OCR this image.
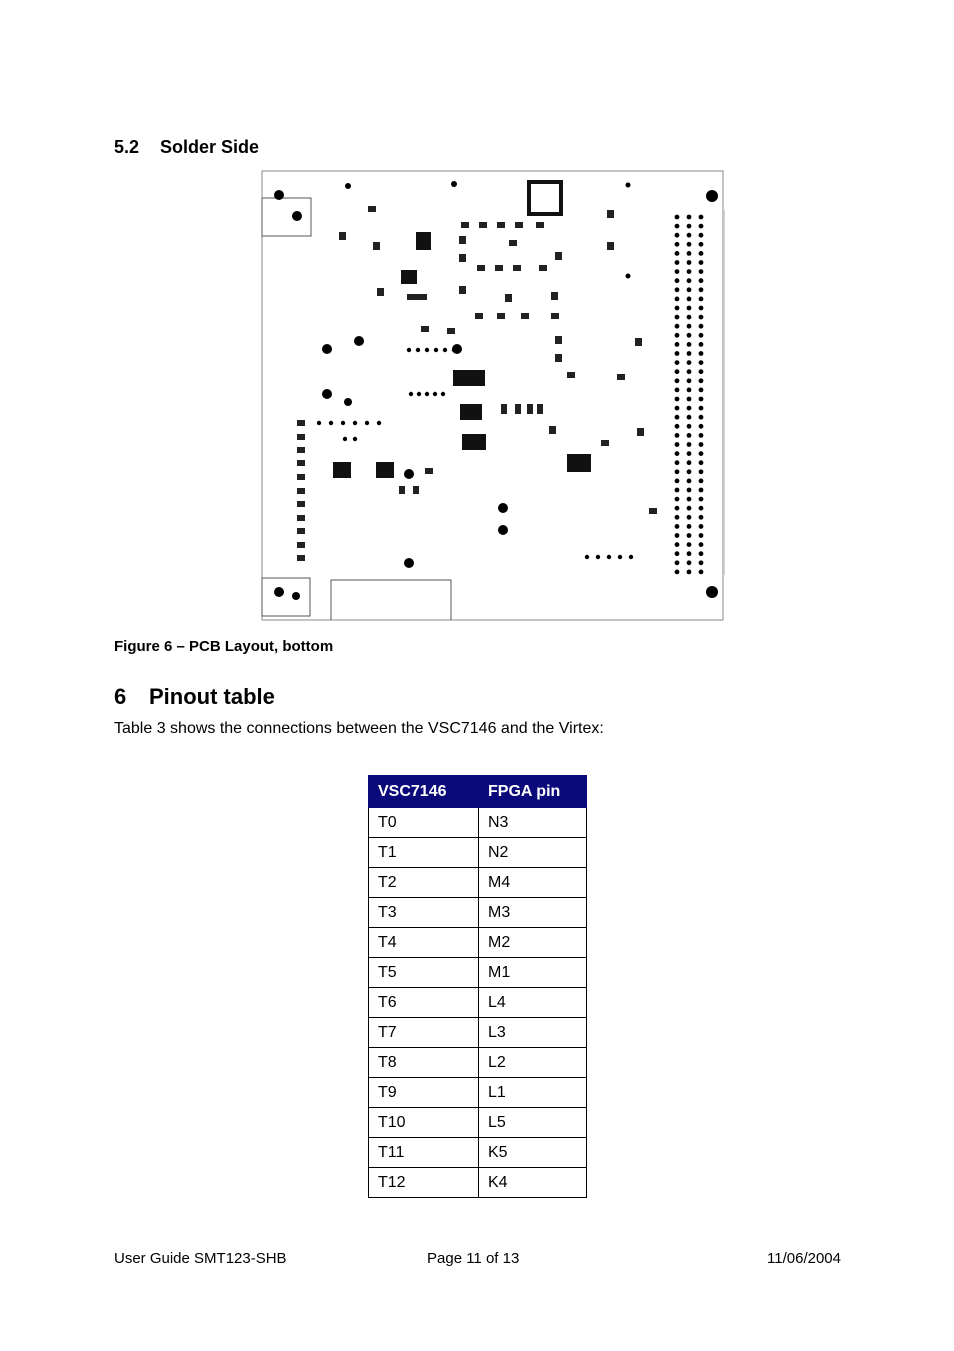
5.2 Solder Side
Figure 6 – PCB Layout, bottom
6 Pinout table
Table 3 shows the connections between the VSC7146 and the Virtex:
VSC7146	FPGA pin
T0	N3
T1	N2
T2	M4
T3	M3
T4	M2
T5	M1
T6	L4
T7	L3
T8	L2
T9	L1
T10	L5
T11	K5
T12	K4
User Guide SMT123-SHB	Page 11 of 13	11/06/2004
